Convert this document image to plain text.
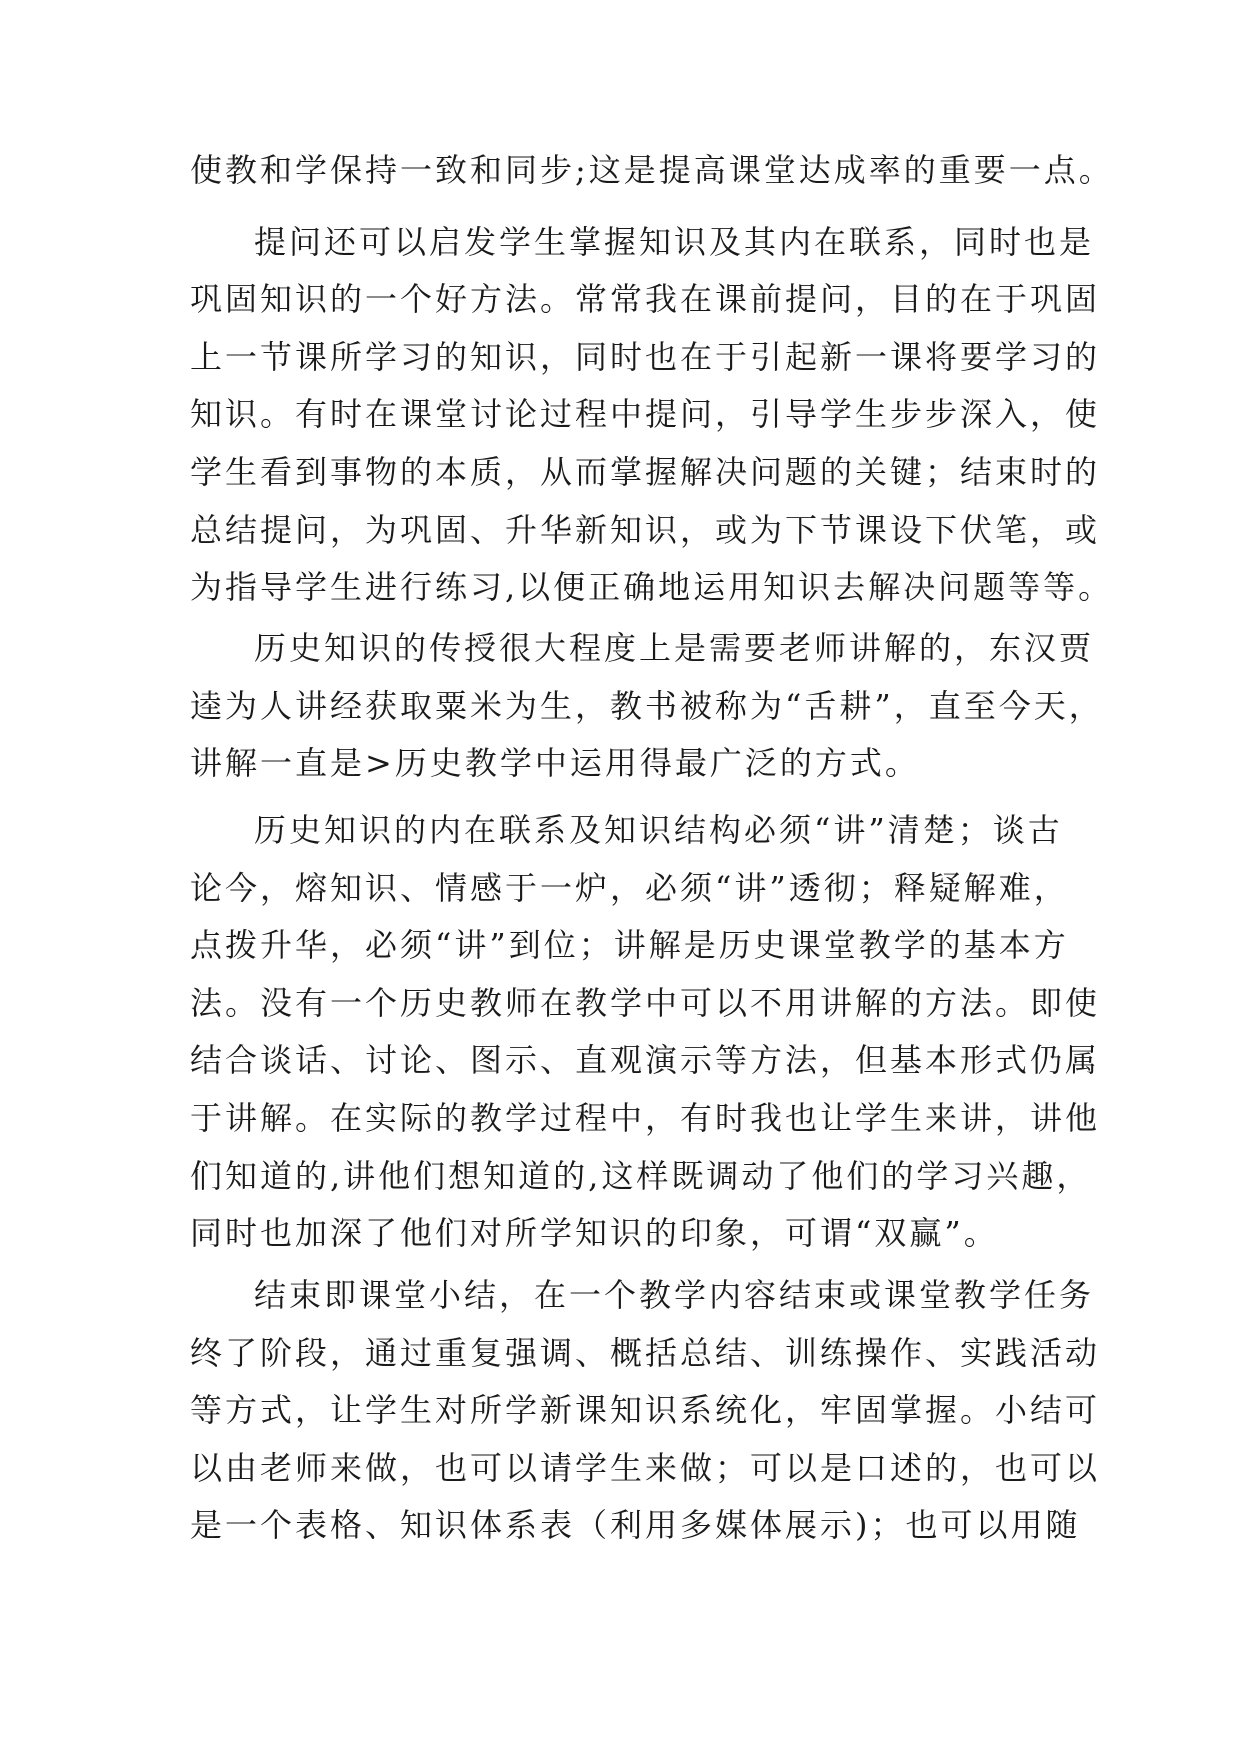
使教和学保持一致和同步;这是提高课堂达成率的重要一点。
提问还可以启发学生掌握知识及其内在联系，同时也是
巩固知识的一个好方法。常常我在课前提问，目的在于巩固
上一节课所学习的知识，同时也在于引起新一课将要学习的
知识。有时在课堂讨论过程中提问，引导学生步步深入，使
学生看到事物的本质，从而掌握解决问题的关键；结束时的
总结提问，为巩固、升华新知识，或为下节课设下伏笔，或
为指导学生进行练习,以便正确地运用知识去解决问题等等。
历史知识的传授很大程度上是需要老师讲解的，东汉贾
逵为人讲经获取粟米为生，教书被称为“舌耕”，直至今天，
讲解一直是>历史教学中运用得最广泛的方式。
历史知识的内在联系及知识结构必须“讲”清楚；谈古
论今，熔知识、情感于一炉，必须“讲”透彻；释疑解难，
点拨升华，必须“讲”到位；讲解是历史课堂教学的基本方
法。没有一个历史教师在教学中可以不用讲解的方法。即使
结合谈话、讨论、图示、直观演示等方法，但基本形式仍属
于讲解。在实际的教学过程中，有时我也让学生来讲，讲他
们知道的,讲他们想知道的,这样既调动了他们的学习兴趣，
同时也加深了他们对所学知识的印象，可谓“双赢”。
结束即课堂小结，在一个教学内容结束或课堂教学任务
终了阶段，通过重复强调、概括总结、训练操作、实践活动
等方式，让学生对所学新课知识系统化，牢固掌握。小结可
以由老师来做，也可以请学生来做；可以是口述的，也可以
是一个表格、知识体系表（利用多媒体展示)；也可以用随
